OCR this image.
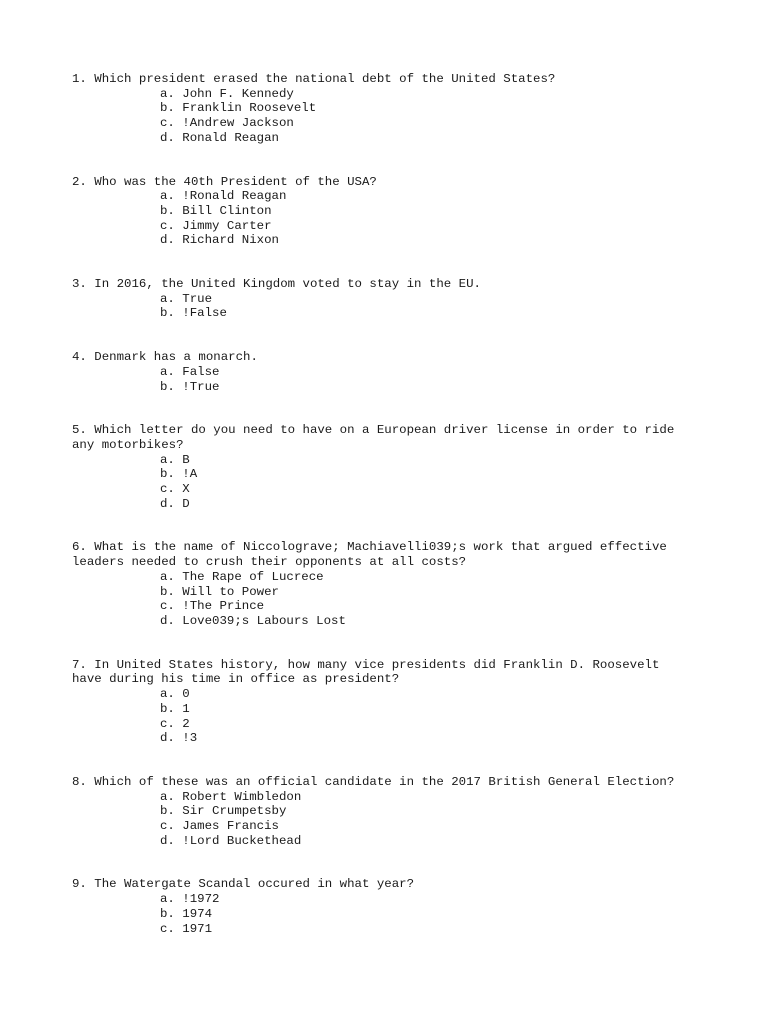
1. Which president erased the national debt of the United States?
a. John F. Kennedy
b. Franklin Roosevelt
c. !Andrew Jackson
d. Ronald Reagan
2. Who was the 40th President of the USA?
a. !Ronald Reagan
b. Bill Clinton
c. Jimmy Carter
d. Richard Nixon
3. In 2016, the United Kingdom voted to stay in the EU.
a. True
b. !False
4. Denmark has a monarch.
a. False
b. !True
5. Which letter do you need to have on a European driver license in order to ride any motorbikes?
a. B
b. !A
c. X
d. D
6. What is the name of Niccolograve; Machiavelli039;s work that argued effective leaders needed to crush their opponents at all costs?
a. The Rape of Lucrece
b. Will to Power
c. !The Prince
d. Love039;s Labours Lost
7. In United States history, how many vice presidents did Franklin D. Roosevelt have during his time in office as president?
a. 0
b. 1
c. 2
d. !3
8. Which of these was an official candidate in the 2017 British General Election?
a. Robert Wimbledon
b. Sir Crumpetsby
c. James Francis
d. !Lord Buckethead
9. The Watergate Scandal occured in what year?
a. !1972
b. 1974
c. 1971
